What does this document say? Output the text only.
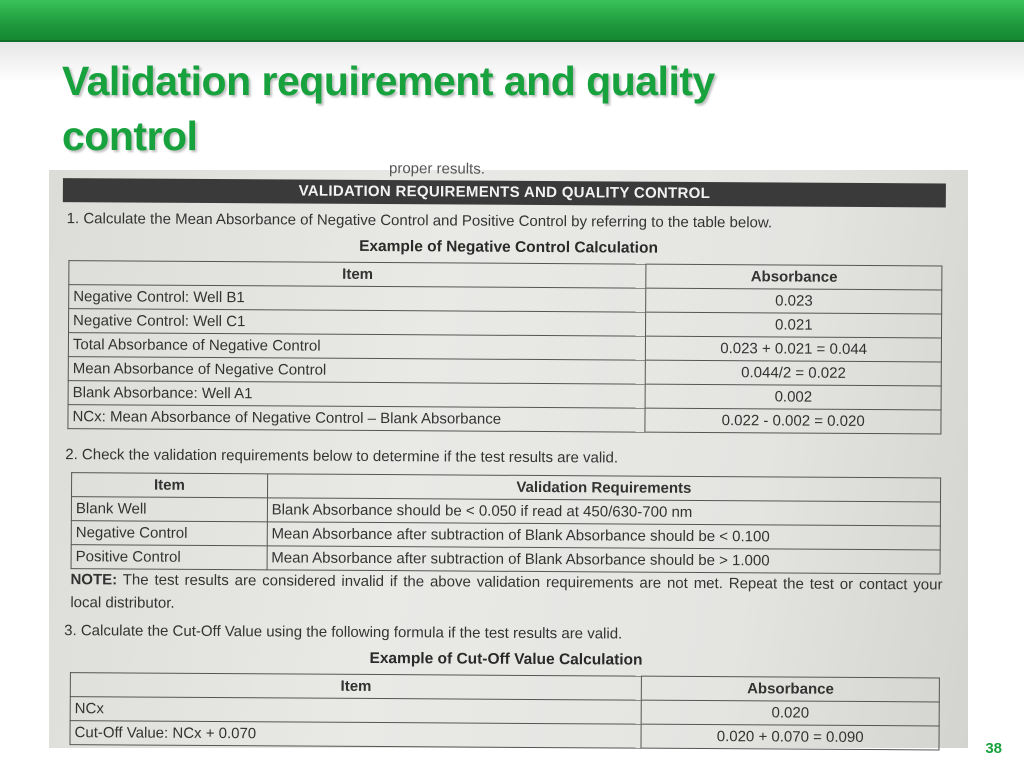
Validation requirement and quality
control
proper results.
VALIDATION REQUIREMENTS AND QUALITY CONTROL
1. Calculate the Mean Absorbance of Negative Control and Positive Control by referring to the table below.
Example of Negative Control Calculation
Item	Absorbance
Negative Control: Well B1	0.023
Negative Control: Well C1	0.021
Total Absorbance of Negative Control	0.023 + 0.021 = 0.044
Mean Absorbance of Negative Control	0.044/2 = 0.022
Blank Absorbance: Well A1	0.002
NCx: Mean Absorbance of Negative Control – Blank Absorbance	0.022 - 0.002 = 0.020
2. Check the validation requirements below to determine if the test results are valid.
Item	Validation Requirements
Blank Well	Blank Absorbance should be < 0.050 if read at 450/630-700 nm
Negative Control	Mean Absorbance after subtraction of Blank Absorbance should be < 0.100
Positive Control	Mean Absorbance after subtraction of Blank Absorbance should be > 1.000
NOTE: The test results are considered invalid if the above validation requirements are not met. Repeat the test or contact your local distributor.
3. Calculate the Cut-Off Value using the following formula if the test results are valid.
Example of Cut-Off Value Calculation
Item	Absorbance
NCx	0.020
Cut-Off Value: NCx + 0.070	0.020 + 0.070 = 0.090
38
